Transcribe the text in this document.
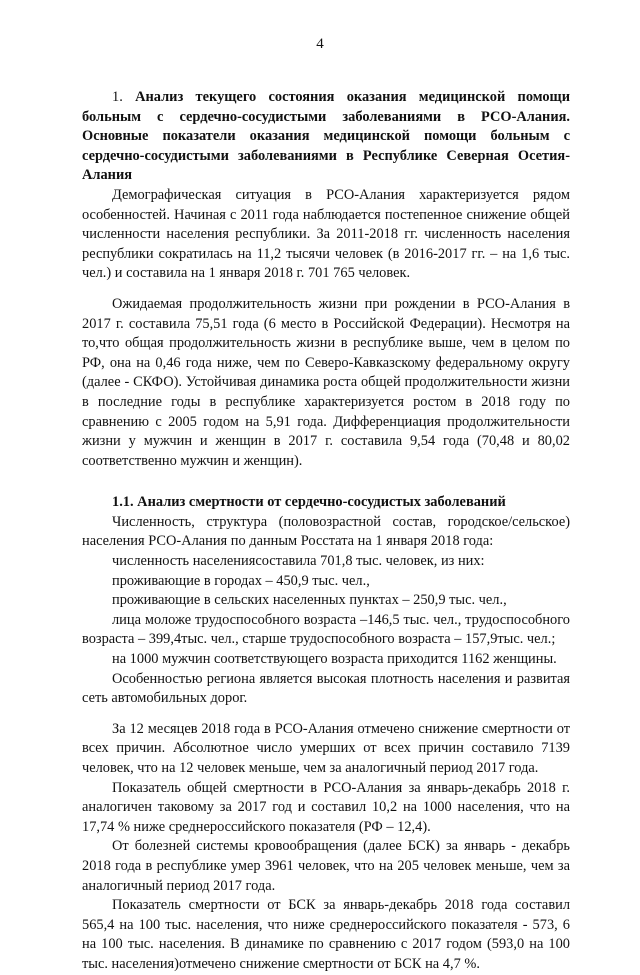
4

1. Анализ текущего состояния оказания медицинской помощи больным с сердечно-сосудистыми заболеваниями в РСО-Алания. Основные показатели оказания медицинской помощи больным с сердечно-сосудистыми заболеваниями в Республике Северная Осетия-Алания

Демографическая ситуация в РСО-Алания характеризуется рядом особенностей. Начиная с 2011 года наблюдается постепенное снижение общей численности населения республики. За 2011-2018 гг. численность населения республики сократилась на 11,2 тысячи человек (в 2016-2017 гг. – на 1,6 тыс. чел.) и составила на 1 января 2018 г. 701 765 человек.

Ожидаемая продолжительность жизни при рождении в РСО-Алания в 2017 г. составила 75,51 года (6 место в Российской Федерации). Несмотря на то,что общая продолжительность жизни в республике выше, чем в целом по РФ, она на 0,46 года ниже, чем по Северо-Кавказскому федеральному округу (далее - СКФО). Устойчивая динамика роста общей продолжительности жизни в последние годы в республике характеризуется ростом в 2018 году по сравнению с 2005 годом на 5,91 года. Дифференциация продолжительности жизни у мужчин и женщин в 2017 г. составила 9,54 года (70,48 и 80,02 соответственно мужчин и женщин).

1.1. Анализ смертности от сердечно-сосудистых заболеваний

Численность, структура (половозрастной состав, городское/сельское) населения РСО-Алания по данным Росстата на 1 января 2018 года:

численность населениясоставила 701,8 тыс. человек, из них:

проживающие в городах – 450,9 тыс. чел.,

проживающие в сельских населенных пунктах – 250,9 тыс. чел.,

лица моложе трудоспособного возраста –146,5 тыс. чел., трудоспособного возраста – 399,4тыс. чел., старше трудоспособного возраста – 157,9тыс. чел.;

на 1000 мужчин соответствующего возраста приходится 1162 женщины.

Особенностью региона является высокая плотность населения и развитая сеть автомобильных дорог.

За 12 месяцев 2018 года в РСО-Алания отмечено снижение смертности от всех причин. Абсолютное число умерших от всех причин составило 7139 человек, что на 12 человек меньше, чем за аналогичный период 2017 года.

Показатель общей смертности в РСО-Алания за январь-декабрь 2018 г. аналогичен таковому за 2017 год и составил 10,2 на 1000 населения, что на 17,74 % ниже среднероссийского показателя (РФ – 12,4).

От болезней системы кровообращения (далее БСК) за январь - декабрь 2018 года в республике умер 3961 человек, что на 205 человек меньше, чем за аналогичный период 2017 года.

Показатель смертности от БСК за январь-декабрь 2018 года составил 565,4 на 100 тыс. населения, что ниже среднероссийского показателя - 573, 6 на 100 тыс. населения. В динамике по сравнению с 2017 годом (593,0 на 100 тыс. населения)отмечено снижение смертности от БСК на 4,7 %.
